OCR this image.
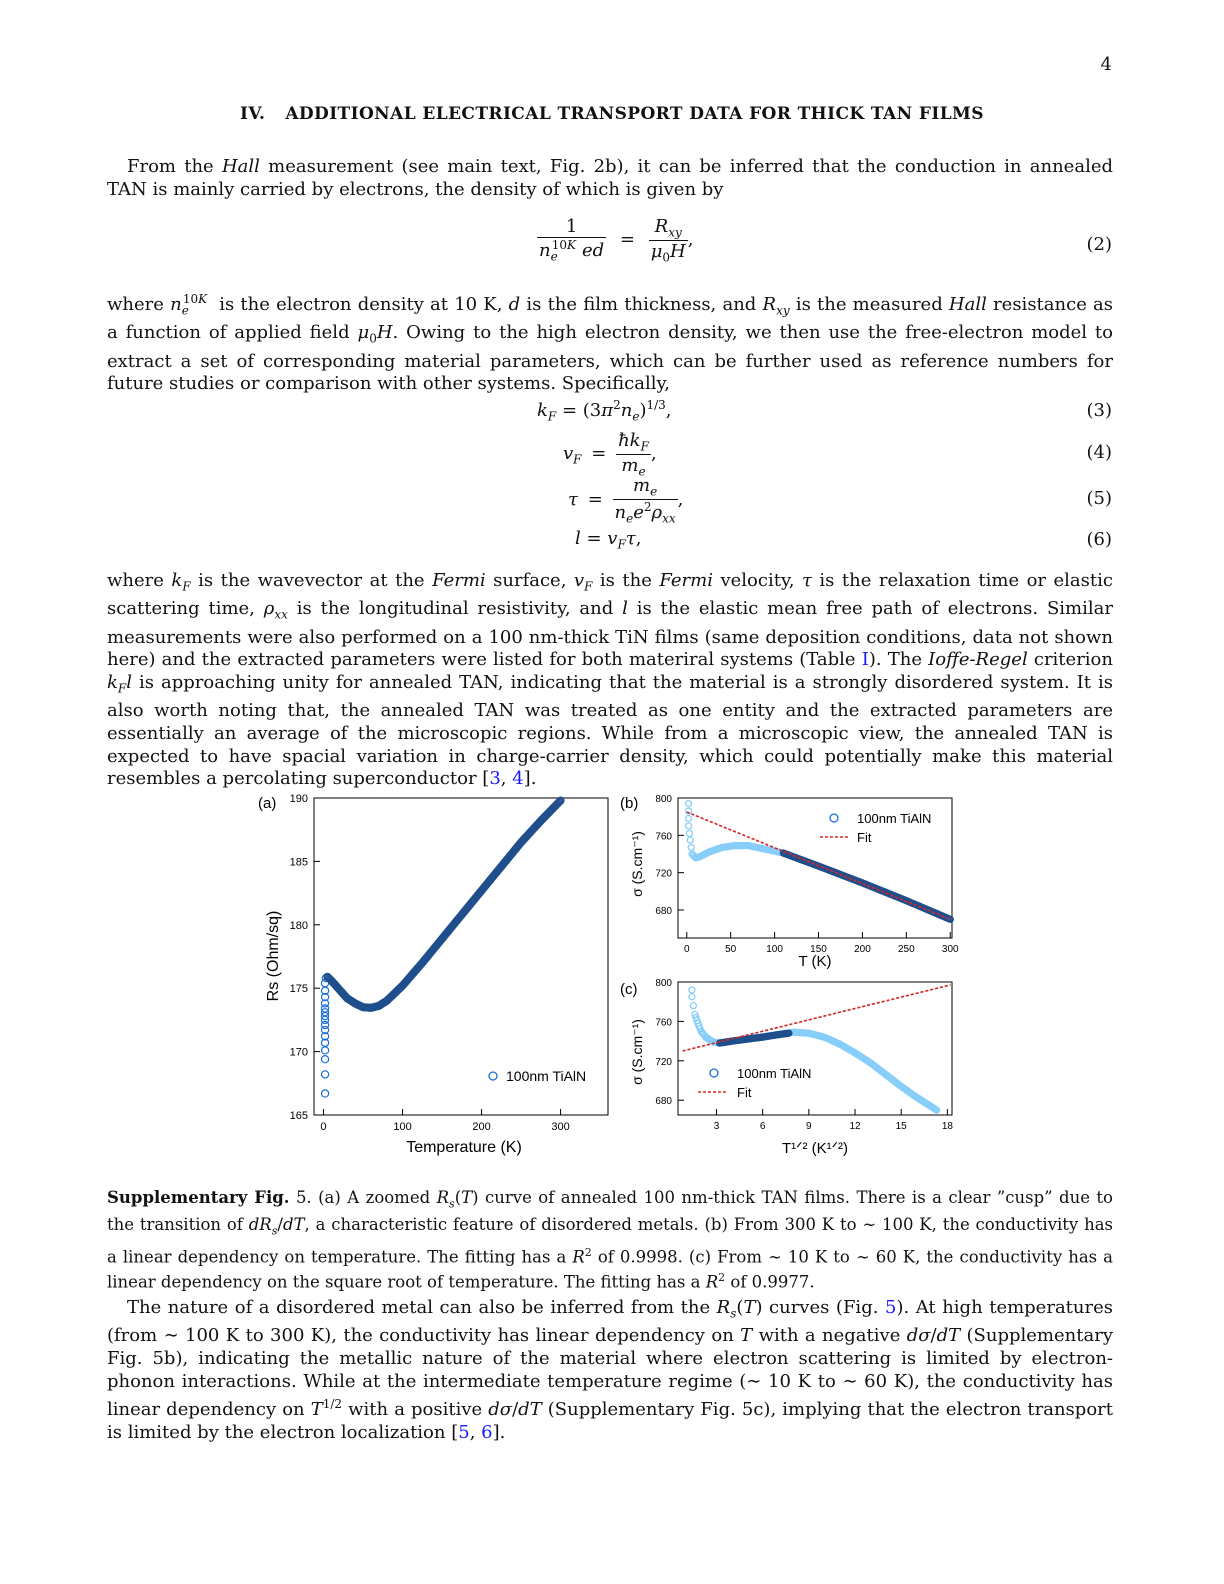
4
IV. ADDITIONAL ELECTRICAL TRANSPORT DATA FOR THICK TAN FILMS

From the Hall measurement (see main text, Fig. 2b), it can be inferred that the conduction in annealed TAN is mainly carried by electrons, the density of which is given by

$\frac{1}{n_e^{10K} ed} = \frac{R_{xy}}{\mu_0H}$ ,	(2)

where $n_e^{10K}$ is the electron density at 10 K, d is the film thickness, and $R_{xy}$ is the measured Hall resistance as a function of applied field $\mu_0H$. Owing to the high electron density, we then use the free-electron model to extract a set of corresponding material parameters, which can be further used as reference numbers for future studies or comparison with other systems. Specifically,

$k_F = (3\pi^2n_e)^{1/3}$,	(3)
$v_F = \frac{ħk_F}{m_e}$ ,	(4)
$\tau = \frac{m_e}{n_ee^2\rho_{xx}}$ ,	(5)
$l = v_F\tau$,	(6)

where $k_F$ is the wavevector at the Fermi surface, $v_F$ is the Fermi velocity, τ is the relaxation time or elastic scattering time, $\rho_{xx}$ is the longitudinal resistivity, and l is the elastic mean free path of electrons. Similar measurements were also performed on a 100 nm-thick TiN films (same deposition conditions, data not shown here) and the extracted parameters were listed for both materiral systems (Table I). The Ioffe-Regel criterion $k_Fl$ is approaching unity for annealed TAN, indicating that the material is a strongly disordered system. It is also worth noting that, the annealed TAN was treated as one entity and the extracted parameters are essentially an average of the microscopic regions. While from a microscopic view, the annealed TAN is expected to have spacial variation in charge-carrier density, which could potentially make this material resembles a percolating superconductor [3, 4].

(a)
165
170
175
180
185
190
0	100	200	300
Temperature (K)
Rs (Ohm/sq)
100nm TiAlN
(b)
680
720
760
800
0	50	100	150	200	250	300
T (K)
σ (S.cm⁻¹)
100nm TiAlN
Fit
(c)
680
720
760
800
3	6	9	12	15	18
T¹ᐟ² (K¹ᐟ²)
σ (S.cm⁻¹)	100nm TiAlN
Fit
Supplementary Fig. 5. (a) A zoomed $R_s(T)$ curve of annealed 100 nm-thick TAN films. There is a clear ”cusp” due to the transition of $dR_s/dT$, a characteristic feature of disordered metals. (b) From 300 K to ∼ 100 K, the conductivity has a linear dependency on temperature. The fitting has a $R^2$ of 0.9998. (c) From ∼ 10 K to ∼ 60 K, the conductivity has a linear dependency on the square root of temperature. The fitting has a $R^2$ of 0.9977.

The nature of a disordered metal can also be inferred from the $R_s(T)$ curves (Fig. 5). At high temperatures (from ∼ 100 K to 300 K), the conductivity has linear dependency on T with a negative dσ/dT (Supplementary Fig. 5b), indicating the metallic nature of the material where electron scattering is limited by electron-phonon interactions. While at the intermediate temperature regime (∼ 10 K to ∼ 60 K), the conductivity has linear dependency on $T^{1/2}$ with a positive dσ/dT (Supplementary Fig. 5c), implying that the electron transport is limited by the electron localization [5, 6].
